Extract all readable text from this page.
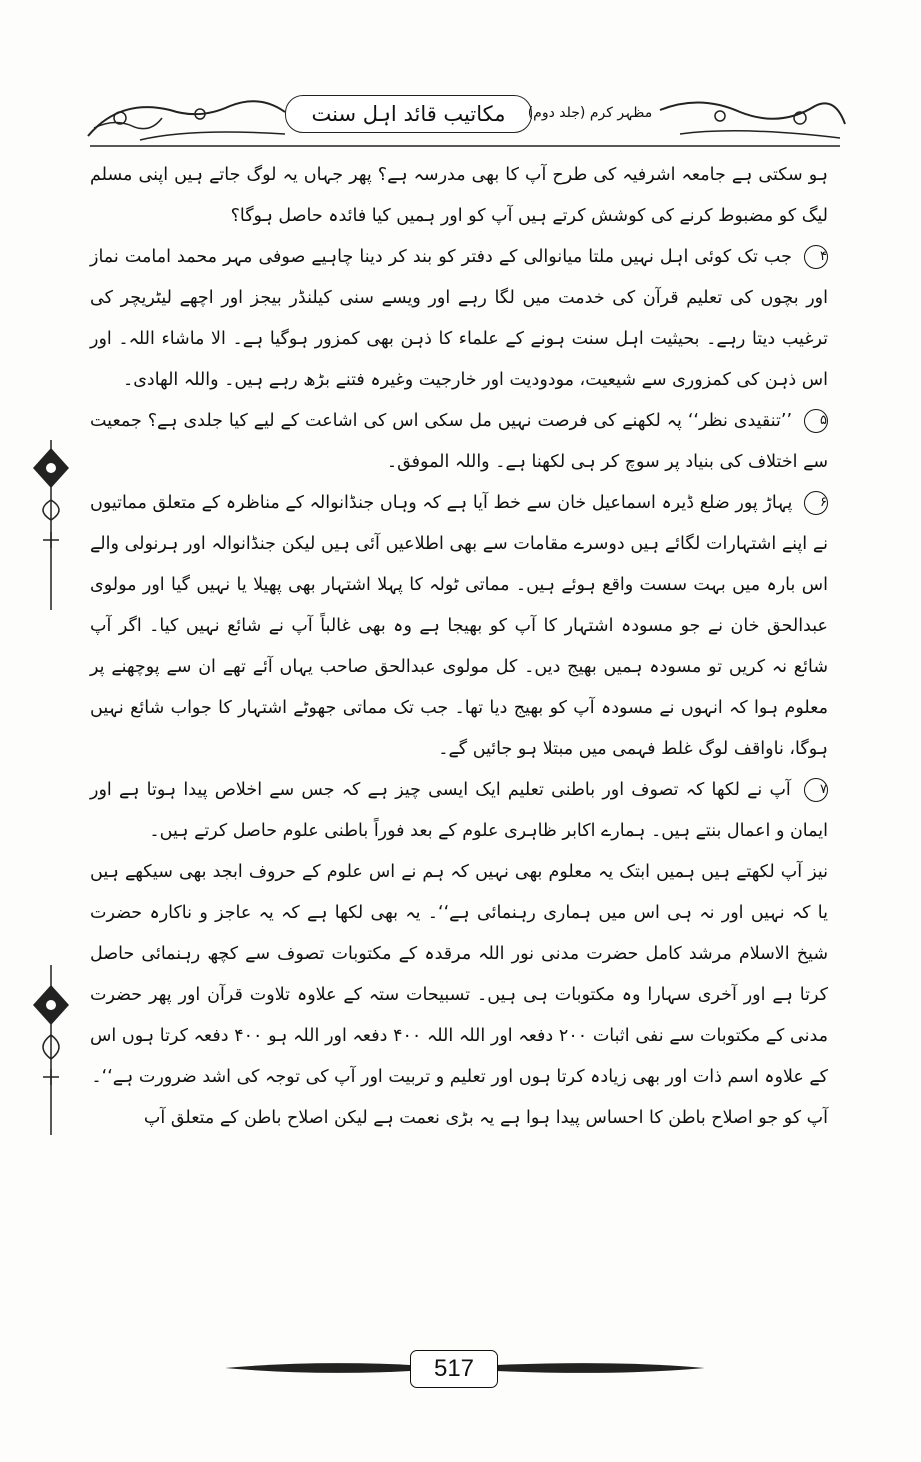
مکاتیب قائد اہل سنت مظہر کرم (جلد دوم)

ہو سکتی ہے جامعہ اشرفیہ کی طرح آپ کا بھی مدرسہ ہے؟ پھر جہاں یہ لوگ جاتے ہیں اپنی مسلم لیگ کو مضبوط کرنے کی کوشش کرتے ہیں آپ کو اور ہمیں کیا فائدہ حاصل ہوگا؟

۴ جب تک کوئی اہل نہیں ملتا میانوالی کے دفتر کو بند کر دینا چاہیے صوفی مہر محمد امامت نماز اور بچوں کی تعلیم قرآن کی خدمت میں لگا رہے اور ویسے سنی کیلنڈر بیجز اور اچھے لیٹریچر کی ترغیب دیتا رہے۔ بحیثیت اہل سنت ہونے کے علماء کا ذہن بھی کمزور ہوگیا ہے۔ الا ماشاء اللہ۔ اور اس ذہن کی کمزوری سے شیعیت، مودودیت اور خارجیت وغیرہ فتنے بڑھ رہے ہیں۔ واللہ الھادی۔

۵ ’’تنقیدی نظر‘‘ پہ لکھنے کی فرصت نہیں مل سکی اس کی اشاعت کے لیے کیا جلدی ہے؟ جمعیت سے اختلاف کی بنیاد پر سوچ کر ہی لکھنا ہے۔ واللہ الموفق۔

۶ پہاڑ پور ضلع ڈیرہ اسماعیل خان سے خط آیا ہے کہ وہاں جنڈانوالہ کے مناظرہ کے متعلق مماتیوں نے اپنے اشتہارات لگائے ہیں دوسرے مقامات سے بھی اطلاعیں آئی ہیں لیکن جنڈانوالہ اور ہرنولی والے اس بارہ میں بہت سست واقع ہوئے ہیں۔ مماتی ٹولہ کا پہلا اشتہار بھی پھیلا یا نہیں گیا اور مولوی عبدالحق خان نے جو مسودہ اشتہار کا آپ کو بھیجا ہے وہ بھی غالباً آپ نے شائع نہیں کیا۔ اگر آپ شائع نہ کریں تو مسودہ ہمیں بھیج دیں۔ کل مولوی عبدالحق صاحب یہاں آئے تھے ان سے پوچھنے پر معلوم ہوا کہ انہوں نے مسودہ آپ کو بھیج دیا تھا۔ جب تک مماتی جھوٹے اشتہار کا جواب شائع نہیں ہوگا، ناواقف لوگ غلط فہمی میں مبتلا ہو جائیں گے۔

۷ آپ نے لکھا کہ تصوف اور باطنی تعلیم ایک ایسی چیز ہے کہ جس سے اخلاص پیدا ہوتا ہے اور ایمان و اعمال بنتے ہیں۔ ہمارے اکابر ظاہری علوم کے بعد فوراً باطنی علوم حاصل کرتے ہیں۔

نیز آپ لکھتے ہیں ہمیں ابتک یہ معلوم بھی نہیں کہ ہم نے اس علوم کے حروف ابجد بھی سیکھے ہیں یا کہ نہیں اور نہ ہی اس میں ہماری رہنمائی ہے‘‘۔ یہ بھی لکھا ہے کہ یہ عاجز و ناکارہ حضرت شیخ الاسلام مرشد کامل حضرت مدنی نور اللہ مرقدہ کے مکتوبات تصوف سے کچھ رہنمائی حاصل کرتا ہے اور آخری سہارا وہ مکتوبات ہی ہیں۔ تسبیحات ستہ کے علاوہ تلاوت قرآن اور پھر حضرت مدنی کے مکتوبات سے نفی اثبات ۲۰۰ دفعہ اور اللہ اللہ ۴۰۰ دفعہ اور اللہ ہو ۴۰۰ دفعہ کرتا ہوں اس کے علاوہ اسم ذات اور بھی زیادہ کرتا ہوں اور تعلیم و تربیت اور آپ کی توجہ کی اشد ضرورت ہے‘‘۔

آپ کو جو اصلاح باطن کا احساس پیدا ہوا ہے یہ بڑی نعمت ہے لیکن اصلاح باطن کے متعلق آپ

517
